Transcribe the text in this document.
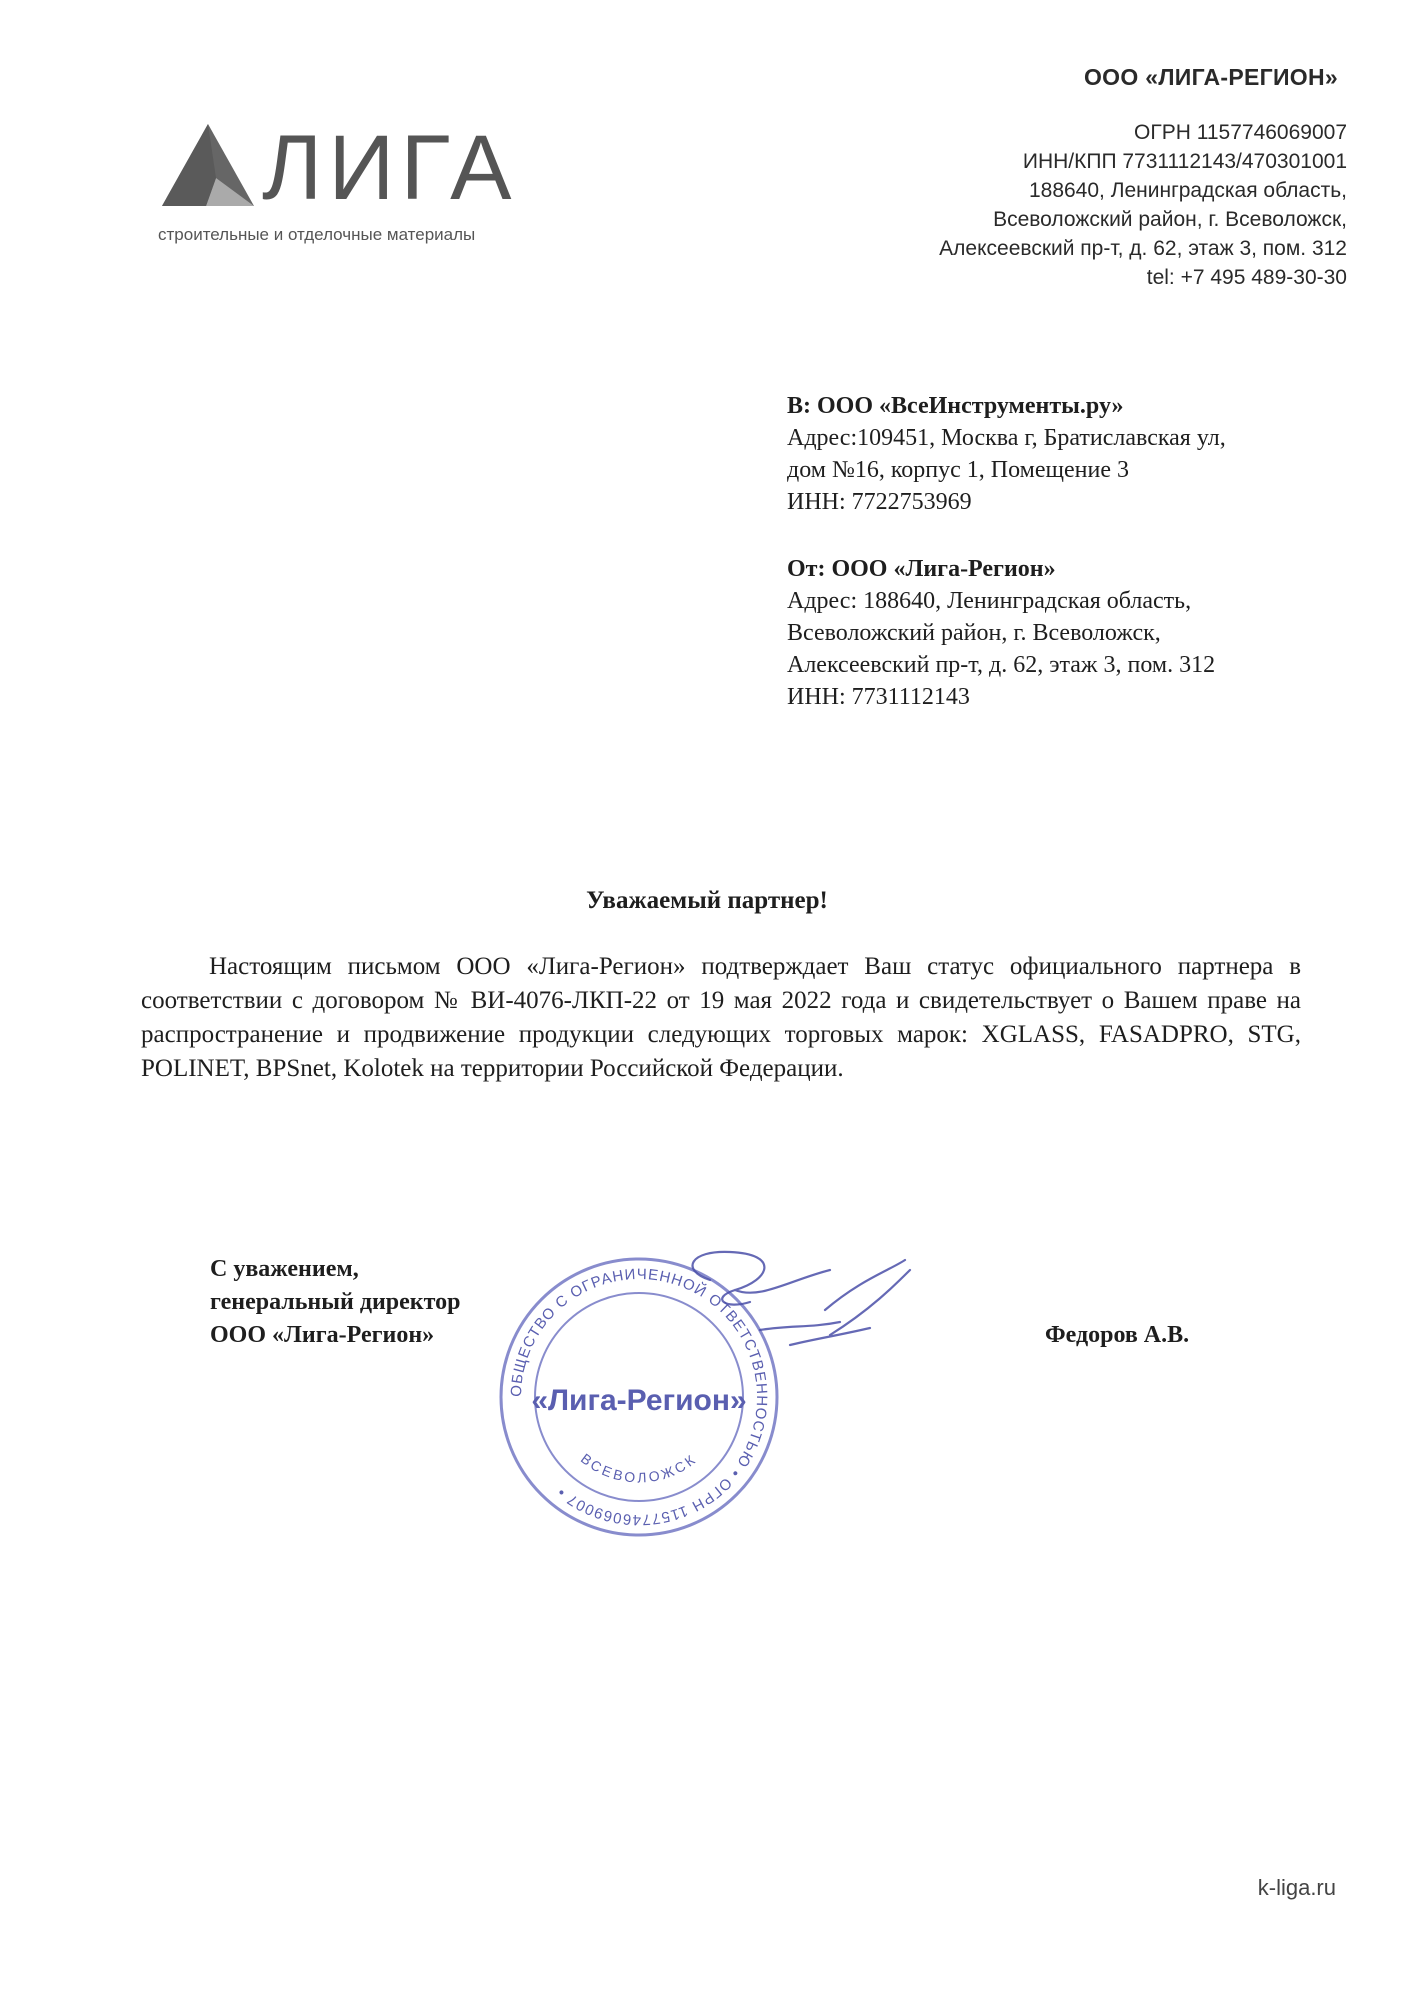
ООО «ЛИГА-РЕГИОН»
ОГРН 1157746069007
ИНН/КПП 7731112143/470301001
188640, Ленинградская область,
Всеволожский район, г. Всеволожск,
Алексеевский пр-т, д. 62, этаж 3, пом. 312
tel: +7 495 489-30-30
ЛИГА
строительные и отделочные материалы
В: ООО «ВсеИнструменты.ру»
Адрес:109451, Москва г, Братиславская ул,
дом №16, корпус 1, Помещение 3
ИНН: 7722753969
От: ООО «Лига-Регион»
Адрес: 188640, Ленинградская область,
Всеволожский район, г. Всеволожск,
Алексеевский пр-т, д. 62, этаж 3, пом. 312
ИНН: 7731112143
Уважаемый партнер!
Настоящим письмом ООО «Лига-Регион» подтверждает Ваш статус официального партнера в соответствии с договором № ВИ-4076-ЛКП-22 от 19 мая 2022 года и свидетельствует о Вашем праве на распространение и продвижение продукции следующих торговых марок: XGLASS, FASADPRO, STG, POLINET, BPSnet, Kolotek на территории Российской Федерации.
С уважением,
генеральный директор
ООО «Лига-Регион»	Федоров А.В.
ОБЩЕСТВО С ОГРАНИЧЕННОЙ ОТВЕТСТВЕННОСТЬЮ • ОГРН 1157746069007 •
ВСЕВОЛОЖСК
«Лига-Регион»
k-liga.ru
